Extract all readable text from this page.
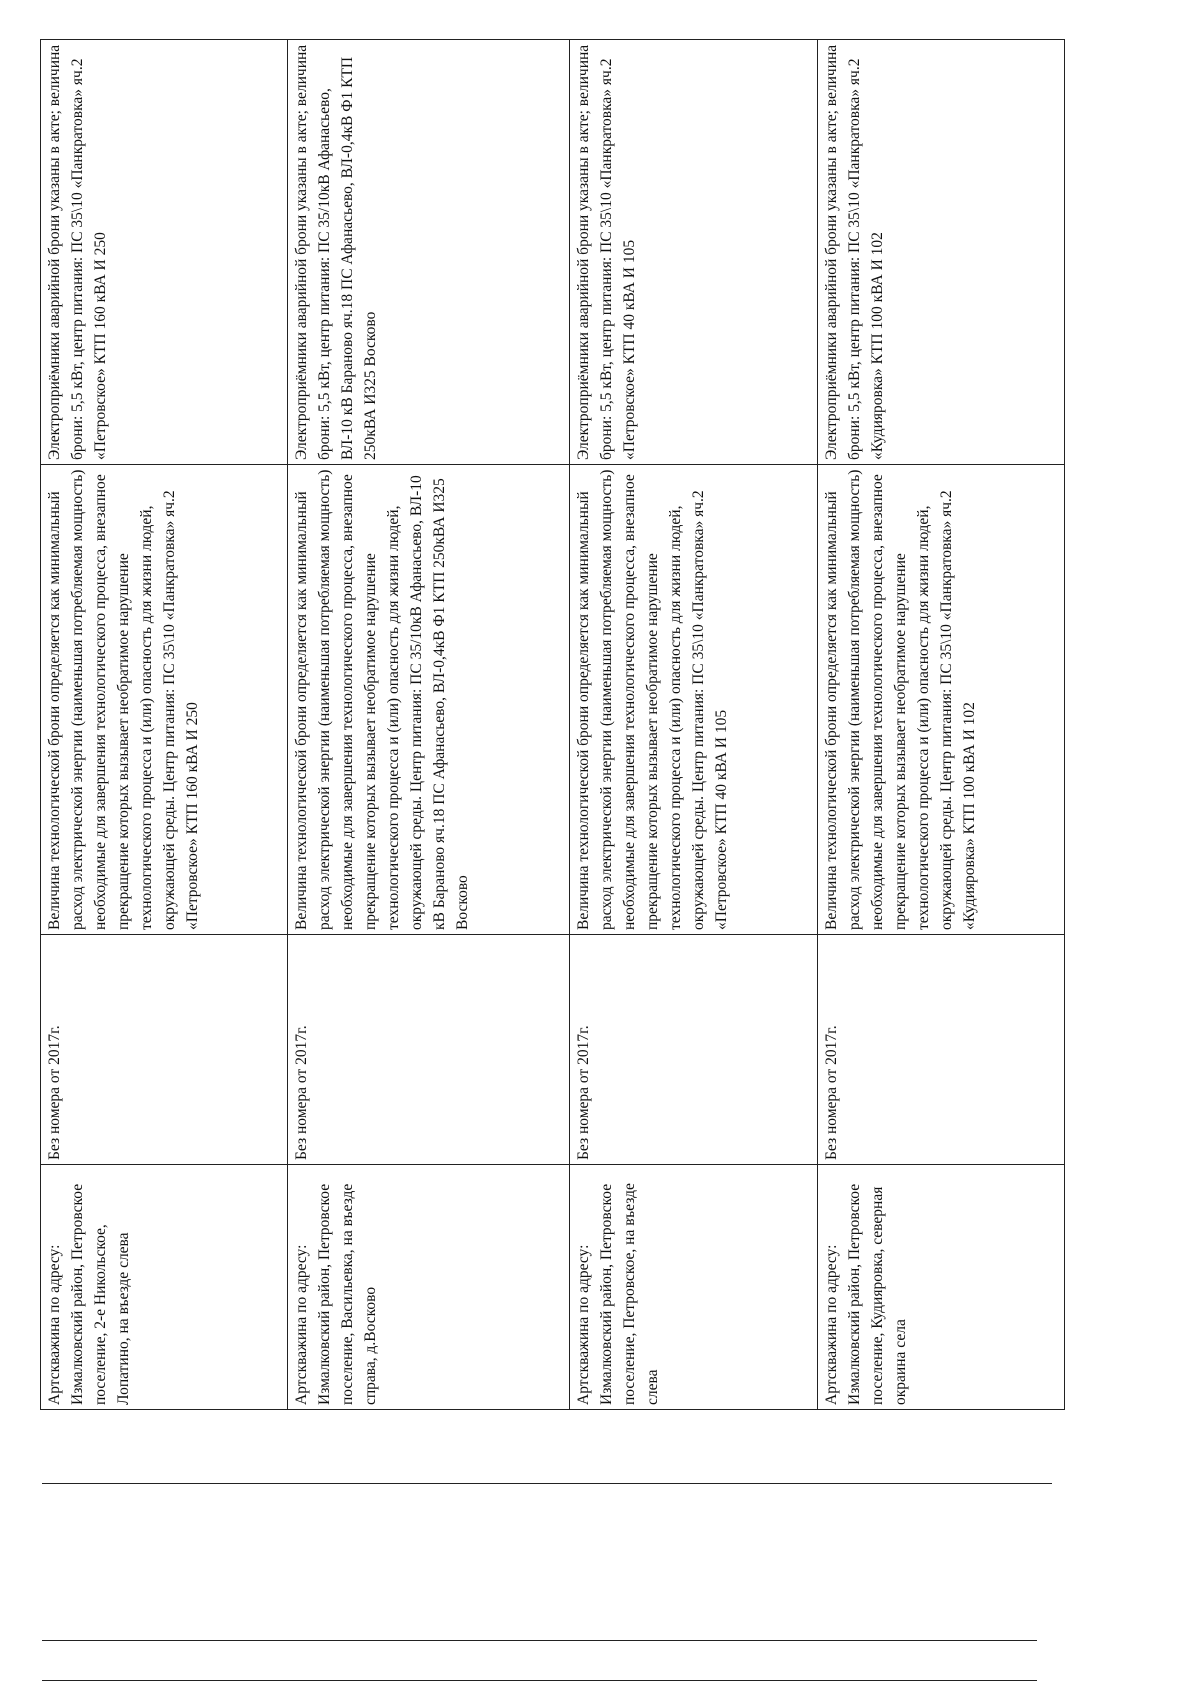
Артскважина по адресу: Измалковский район, Петровское поселение, 2-е Никольское, Лопатино, на въезде слева	Без номера от 2017г.	Величина технологической брони определяется как минимальный расход электрической энергии (наименьшая потребляемая мощность) необходимые для завершения технологического процесса, внезапное прекращение которых вызывает необратимое нарушение технологического процесса и (или) опасность для жизни людей, окружающей среды. Центр питания: ПС 35\10 «Панкратовка» яч.2 «Петровское» КТП 160 кВА И 250	Электроприёмники аварийной брони указаны в акте; величина брони: 5,5 кВт, центр питания: ПС 35\10 «Панкратовка» яч.2 «Петровское» КТП 160 кВА И 250
Артскважина по адресу: Измалковский район, Петровское поселение, Васильевка, на въезде справа, д.Восково	Без номера от 2017г.	Величина технологической брони определяется как минимальный расход электрической энергии (наименьшая потребляемая мощность) необходимые для завершения технологического процесса, внезапное прекращение которых вызывает необратимое нарушение технологического процесса и (или) опасность для жизни людей, окружающей среды. Центр питания: ПС 35/10кВ Афанасьево, ВЛ-10 кВ Бараново яч.18 ПС Афанасьево, ВЛ-0,4кВ Ф1 КТП 250кВА И325 Восково	Электроприёмники аварийной брони указаны в акте; величина брони: 5,5 кВт, центр питания: ПС 35/10кВ Афанасьево, ВЛ-10 кВ Бараново яч.18 ПС Афанасьево, ВЛ-0,4кВ Ф1 КТП 250кВА И325 Восково
Артскважина по адресу: Измалковский район, Петровское поселение, Петровское, на въезде слева	Без номера от 2017г.	Величина технологической брони определяется как минимальный расход электрической энергии (наименьшая потребляемая мощность) необходимые для завершения технологического процесса, внезапное прекращение которых вызывает необратимое нарушение технологического процесса и (или) опасность для жизни людей, окружающей среды. Центр питания: ПС 35\10 «Панкратовка» яч.2 «Петровское» КТП 40 кВА И 105	Электроприёмники аварийной брони указаны в акте; величина брони: 5,5 кВт, центр питания: ПС 35\10 «Панкратовка» яч.2 «Петровское» КТП 40 кВА И 105
Артскважина по адресу: Измалковский район, Петровское поселение, Кудияровка, северная окраина села	Без номера от 2017г.	Величина технологической брони определяется как минимальный расход электрической энергии (наименьшая потребляемая мощность) необходимые для завершения технологического процесса, внезапное прекращение которых вызывает необратимое нарушение технологического процесса и (или) опасность для жизни людей, окружающей среды. Центр питания: ПС 35\10 «Панкратовка» яч.2 «Кудияровка» КТП 100 кВА И 102	Электроприёмники аварийной брони указаны в акте; величина брони: 5,5 кВт, центр питания: ПС 35\10 «Панкратовка» яч.2 «Кудияровка» КТП 100 кВА И 102
